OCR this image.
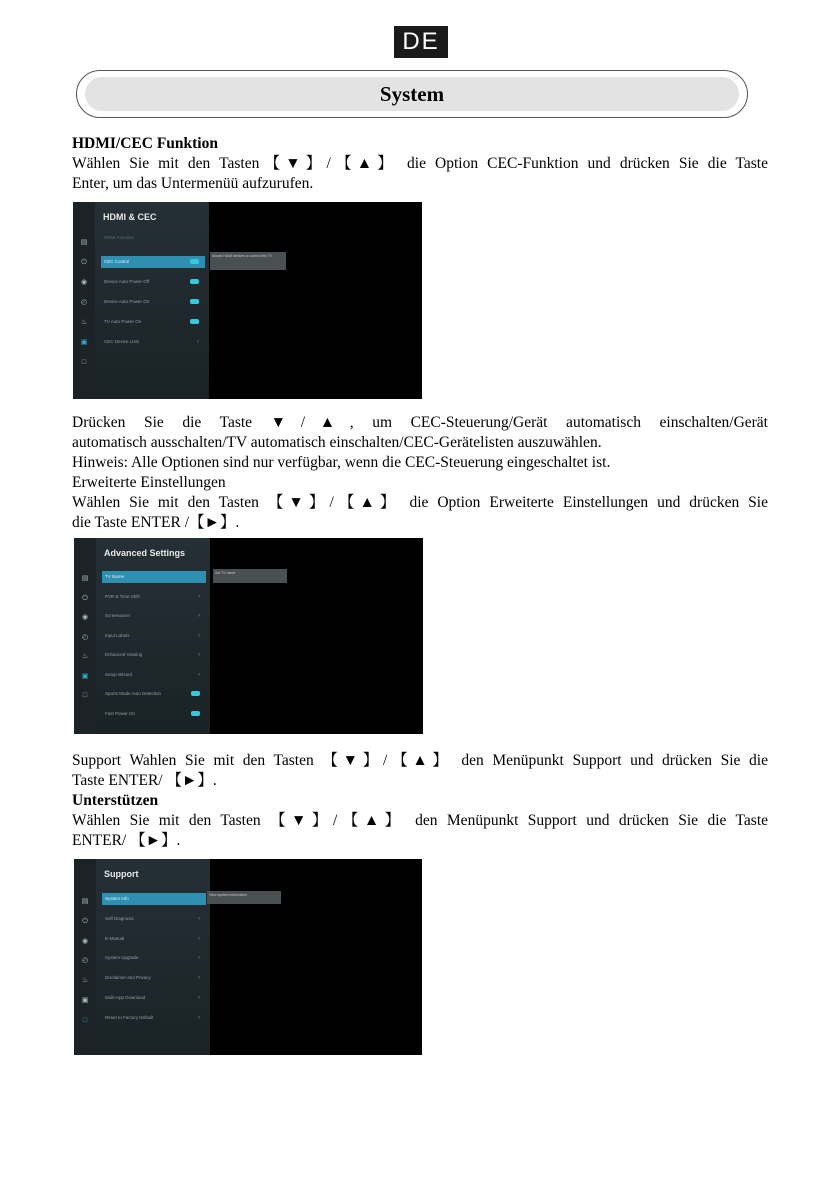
DE
System
HDMI/CEC Funktion
Wählen Sie mit den Tasten【▼】/【▲】 die Option CEC-Funktion und drücken Sie die Taste
Enter, um das Untermenüü aufzurufen.
▤
⏻
◉
◴
♨
▣
□
HDMI & CEC
HDMI Function
CEC Control
Device Auto Power Off
Device Auto Power On
TV Auto Power On
CEC Device Lists	›
Allows HDMI devices to control this TV
Drücken Sie die Taste ▼/▲, um CEC-Steuerung/Gerät automatisch einschalten/Gerät
automatisch ausschalten/TV automatisch einschalten/CEC-Gerätelisten auszuwählen.
Hinweis: Alle Optionen sind nur verfügbar, wenn die CEC-Steuerung eingeschaltet ist.
Erweiterte Einstellungen
Wählen Sie mit den Tasten 【▼】/【▲】 die Option Erweiterte Einstellungen und drücken Sie
die Taste ENTER /【►】.
▤
⏻
◉
◴
♨
▣
□
Advanced Settings
TV Name	›
PVR & Time Shift	›
Screensaver	›
Input Labels	›
Enhanced Viewing	›
Setup Wizard	›
Sports Mode Auto Detection
Fast Power On
Set TV name
Support Wahlen Sie mit den Tasten 【▼】/【▲】 den Menüpunkt Support und drücken Sie die
Taste ENTER/ 【►】.
Unterstützen
Wählen Sie mit den Tasten 【▼】/【▲】 den Menüpunkt Support und drücken Sie die Taste
ENTER/ 【►】.
▤
⏻
◉
◴
♨
▣
□
Support
System Info	›
Self Diagnosis	›
E-Manual	›
System Upgrade	›
Disclaimer and Privacy	›
Multi-App Download	›
Reset to Factory Default	›
View system information
